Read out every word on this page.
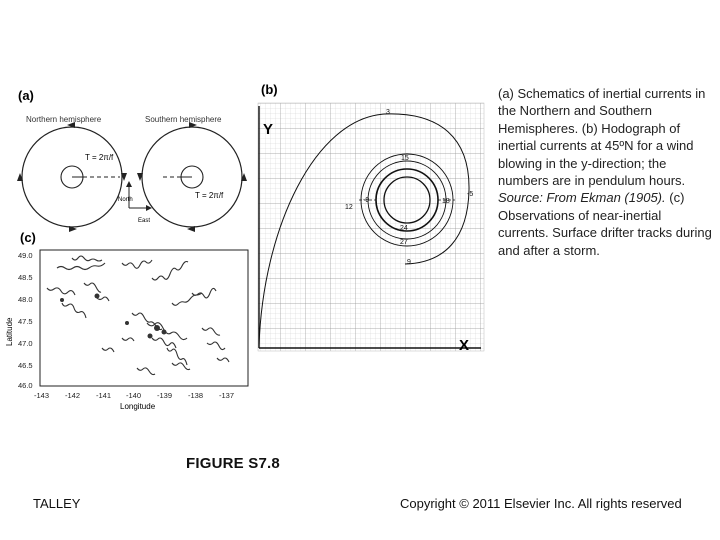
(a)
Northern hemisphere	Southern hemisphere
T = 2π/f
T = 2π/f
North
East
(b)
Y
X
3
15
18
-5
12
-9
24
27
9
(c)
Latitude
49.0
48.5
48.0
47.5
47.0
46.5
46.0
-143 -142 -141 -140 -139 -138 -137
Longitude
(a) Schematics of inertial currents in the Northern and Southern Hemispheres. (b) Hodograph of inertial currents at 45ºN for a wind blowing in the y-direction; the numbers are in pendulum hours. Source: From Ekman (1905). (c) Observations of near-inertial currents. Surface drifter tracks during and after a storm.
FIGURE S7.8
TALLEY	Copyright © 2011 Elsevier Inc. All rights reserved
